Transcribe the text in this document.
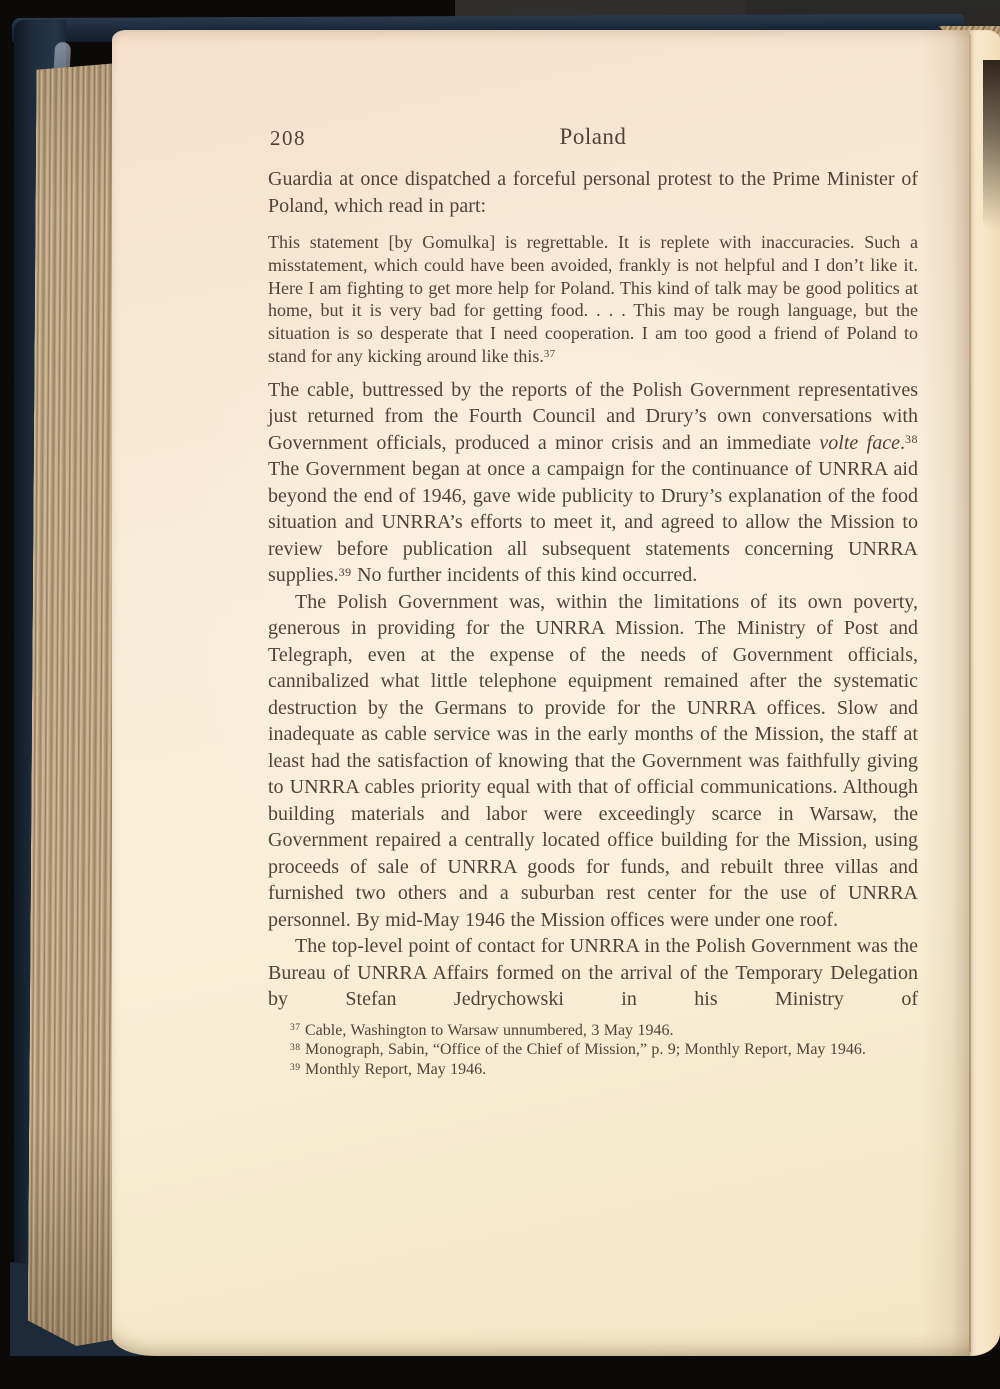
208	Poland

Guardia at once dispatched a forceful personal protest to the Prime Minister of Poland, which read in part:

This statement [by Gomulka] is regrettable. It is replete with inaccuracies. Such a misstatement, which could have been avoided, frankly is not helpful and I don’t like it. Here I am fighting to get more help for Poland. This kind of talk may be good politics at home, but it is very bad for getting food. . . . This may be rough language, but the situation is so desperate that I need cooperation. I am too good a friend of Poland to stand for any kicking around like this.$^{37}$

The cable, buttressed by the reports of the Polish Government representatives just returned from the Fourth Council and Drury’s own conversations with Government officials, produced a minor crisis and an immediate volte face.$^{38}$ The Government began at once a campaign for the continuance of UNRRA aid beyond the end of 1946, gave wide publicity to Drury’s explanation of the food situation and UNRRA’s efforts to meet it, and agreed to allow the Mission to review before publication all subsequent statements concerning UNRRA supplies.$^{39}$ No further incidents of this kind occurred.

The Polish Government was, within the limitations of its own poverty, generous in providing for the UNRRA Mission. The Ministry of Post and Telegraph, even at the expense of the needs of Government officials, cannibalized what little telephone equipment remained after the systematic destruction by the Germans to provide for the UNRRA offices. Slow and inadequate as cable service was in the early months of the Mission, the staff at least had the satisfaction of knowing that the Government was faithfully giving to UNRRA cables priority equal with that of official communications. Although building materials and labor were exceedingly scarce in Warsaw, the Government repaired a centrally located office building for the Mission, using proceeds of sale of UNRRA goods for funds, and rebuilt three villas and furnished two others and a suburban rest center for the use of UNRRA personnel. By mid-May 1946 the Mission offices were under one roof.

The top-level point of contact for UNRRA in the Polish Government was the Bureau of UNRRA Affairs formed on the arrival of the Temporary Delegation by Stefan Jedrychowski in his Ministry of

$^{37}$ Cable, Washington to Warsaw unnumbered, 3 May 1946.

$^{38}$ Monograph, Sabin, “Office of the Chief of Mission,” p. 9; Monthly Report, May 1946.

$^{39}$ Monthly Report, May 1946.
